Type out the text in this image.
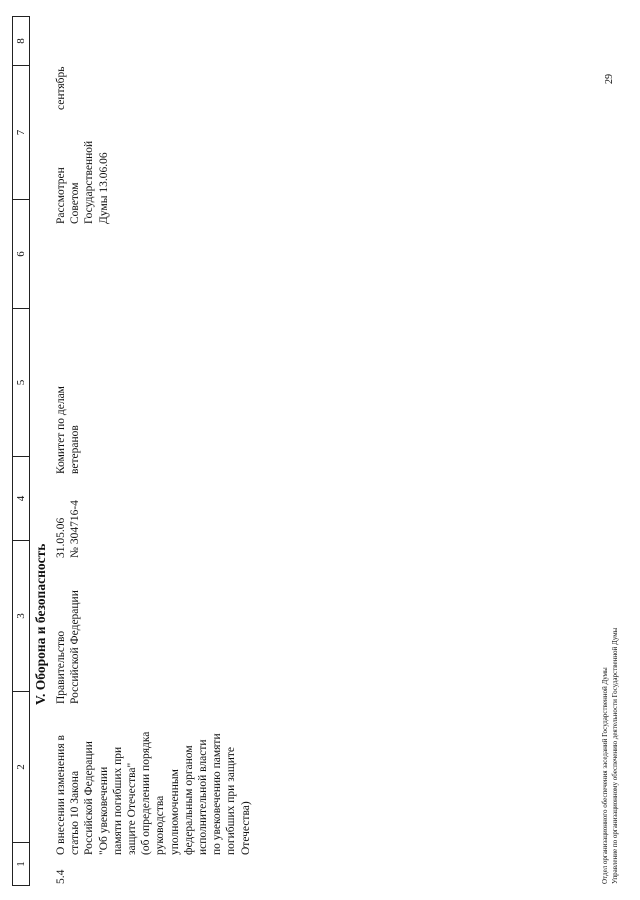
1
2
3
4
5
6
7
8
V. Оборона и безопасность
5.4
О внесении изменения в
статью 10 Закона
Российской Федерации
"Об увековечении
памяти погибших при
защите Отечества"
(об определении порядка
руководства
уполномоченным
федеральным органом
исполнительной власти
по увековечению памяти
погибших при защите
Отечества)
Правительство
Российской Федерации
31.05.06 № 304716-4
Комитет по делам
ветеранов
Рассмотрен
Советом
Государственной
Думы 13.06.06
сентябрь
Отдел организационного обеспечения заседаний Государственной Думы Управление по организационному обеспечению деятельности Государственной Думы
29
